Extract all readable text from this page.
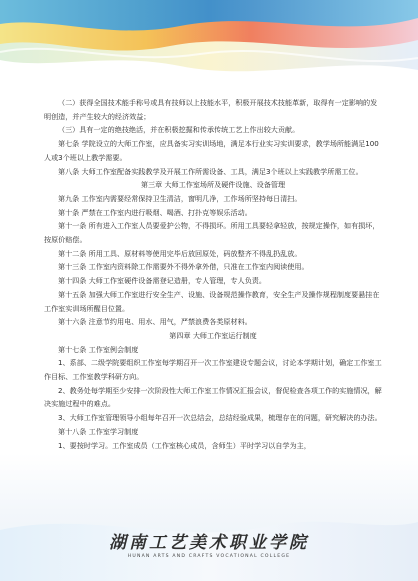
（二）获得全国技术能手称号或具有技师以上技能水平，积极开展技术技能革新，取得有一定影响的发明创造，并产生较大的经济效益；

（三）具有一定的绝技绝活，并在积极挖掘和传承传统工艺上作出较大贡献。

第七条 学院设立的大师工作室，应具备实习实训场地，满足本行业实习实训要求，教学场所能满足100人或3个班以上教学需要。

第八条 大师工作室配备实践教学及开展工作所需设备、工具，满足3个班以上实践教学所需工位。

第三章 大师工作室场所及硬件设施、设备管理

第九条 工作室内需要经常保持卫生清洁，窗明几净，工作场所坚持每日清扫。

第十条 严禁在工作室内进行吸烟、喝酒、打扑克等娱乐活动。

第十一条 所有进入工作室人员要爱护公物，不得损坏。所用工具要轻拿轻放，按规定操作，如有损坏，按原价赔偿。

第十二条 所用工具、原材料等使用完毕后放回原处，码放整齐不得乱扔乱放。

第十三条 工作室内资料除工作需要外不得外拿外借，只准在工作室内阅读使用。

第十四条 大师工作室硬件设备需登记造册，专人管理，专人负责。

第十五条 加强大师工作室进行安全生产、设施、设备规范操作教育，安全生产及操作规程制度要悬挂在工作室实训场所醒目位置。

第十六条 注意节约用电、用水、用气，严禁浪费各类原材料。

第四章 大师工作室运行制度

第十七条 工作室例会制度

1、系部、二级学院要组织工作室每学期召开一次工作室建设专题会议，讨论本学期计划，确定工作室工作目标、工作室教学科研方向。

2、教务处每学期至少安排一次阶段性大师工作室工作情况汇报会议，督促检查各项工作的实施情况，解决实施过程中的难点。

3、大师工作室管理领导小组每年召开一次总结会，总结经验成果，梳理存在的问题，研究解决的办法。

第十八条 工作室学习制度

1、要按时学习。工作室成员（工作室核心成员，含师生）平时学习以自学为主，

湖南工艺美术职业学院
HUNAN ARTS AND CRAFTS VOCATIONAL COLLEGE
